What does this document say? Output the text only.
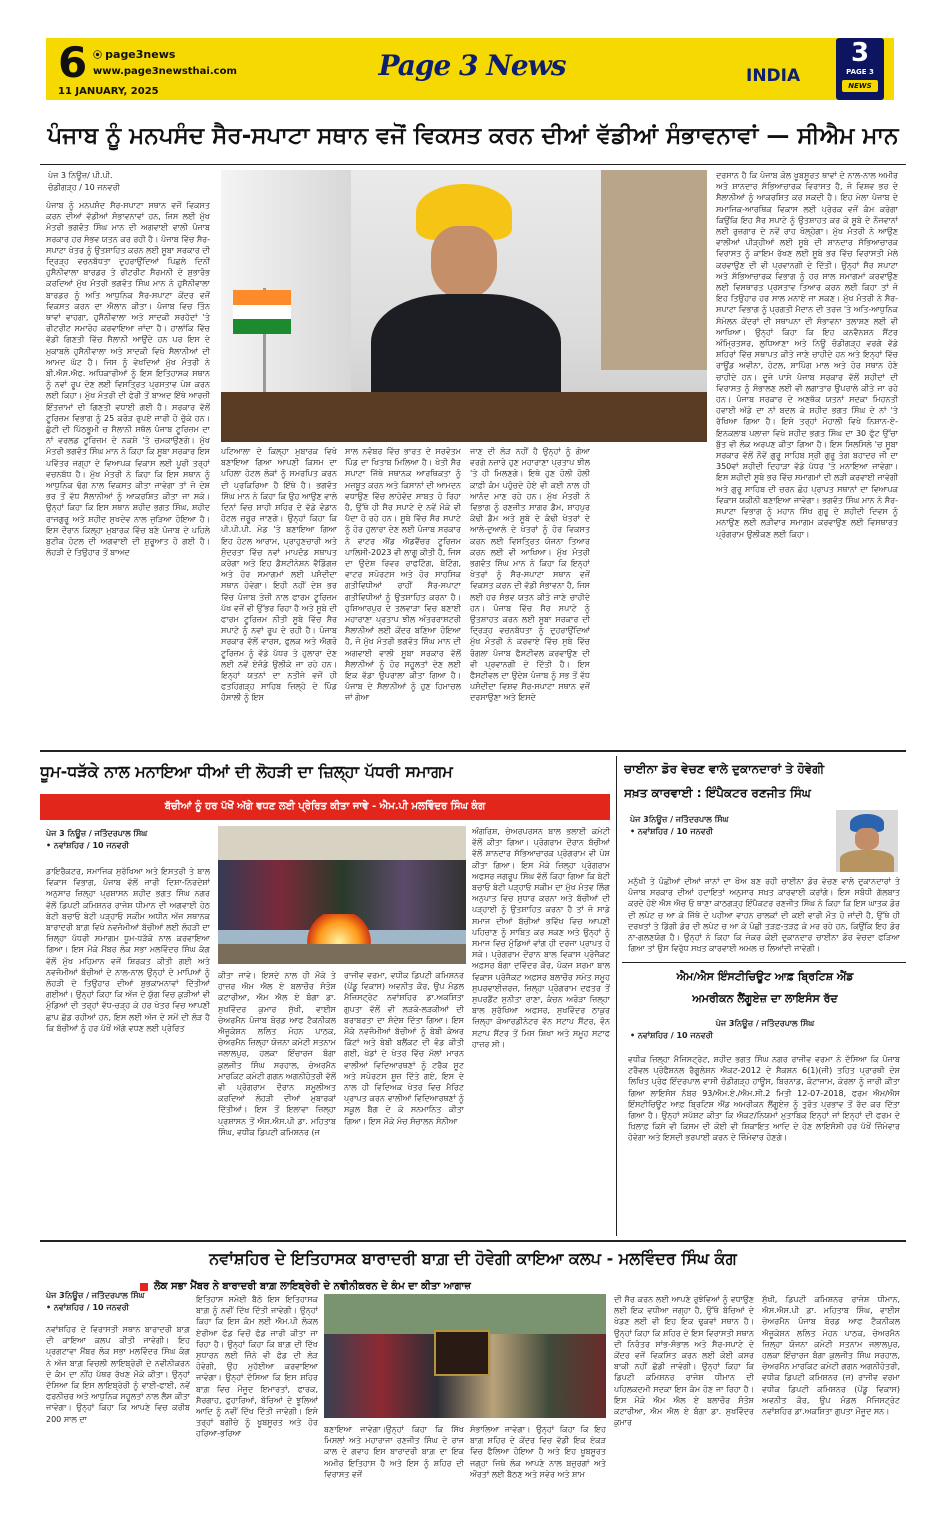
6 ⦿ page3news
www.page3newsthai.com
11 JANUARY, 2025
Page 3 News	INDIA
3
PAGE 3
NEWS
ਪੰਜਾਬ ਨੂੰ ਮਨਪਸੰਦ ਸੈਰ-ਸਪਾਟਾ ਸਥਾਨ ਵਜੋਂ ਵਿਕਸਤ ਕਰਨ ਦੀਆਂ ਵੱਡੀਆਂ ਸੰਭਾਵਨਾਵਾਂ — ਸੀਐਮ ਮਾਨ
ਪੇਜ 3 ਨਿਊਜ਼/ ਪੀ.ਪੀ.
ਚੰਡੀਗੜ੍ਹ / 10 ਜਨਵਰੀ
ਪੰਜਾਬ ਨੂੰ ਮਨਪਸੰਦ ਸੈਰ-ਸਪਾਟਾ ਸਥਾਨ ਵਜੋਂ ਵਿਕਸਤ ਕਰਨ ਦੀਆਂ ਵੱਡੀਆਂ ਸੰਭਾਵਨਾਵਾਂ ਹਨ, ਜਿਸ ਲਈ ਮੁੱਖ ਮੰਤਰੀ ਭਗਵੰਤ ਸਿੰਘ ਮਾਨ ਦੀ ਅਗਵਾਈ ਵਾਲੀ ਪੰਜਾਬ ਸਰਕਾਰ ਹਰ ਸੰਭਵ ਯਤਨ ਕਰ ਰਹੀ ਹੈ। ਪੰਜਾਬ ਵਿੱਚ ਸੈਰ-ਸਪਾਟਾ ਖੇਤਰ ਨੂੰ ਉਤਸ਼ਾਹਿਤ ਕਰਨ ਲਈ ਸੂਬਾ ਸਰਕਾਰ ਦੀ ਦ੍ਰਿੜ੍ਹ ਵਚਨਬੱਧਤਾ ਦੁਹਰਾਉਂਦਿਆਂ ਪਿਛਲੇ ਦਿਨੀਂ ਹੁਸੈਨੀਵਾਲਾ ਬਾਰਡਰ ਤੇ ਰੀਟਰੀਟ ਸੈਰਮਨੀ ਦੇ ਸ਼ੁਭਾਰੰਭ ਕਰਦਿਆਂ ਮੁੱਖ ਮੰਤਰੀ ਭਗਵੰਤ ਸਿੰਘ ਮਾਨ ਨੇ ਹੁਸੈਨੀਵਾਲਾ ਬਾਰਡਰ ਨੂੰ ਅਤਿ ਆਧੁਨਿਕ ਸੈਰ-ਸਪਾਟਾ ਕੇਂਦਰ ਵਜੋਂ ਵਿਕਸਤ ਕਰਨ ਦਾ ਐਲਾਨ ਕੀਤਾ। ਪੰਜਾਬ ਵਿਚ ਤਿੰਨ ਥਾਵਾਂ ਵਾਹਗਾ, ਹੁਸੈਨੀਵਾਲਾ ਅਤੇ ਸਾਦਕੀ ਸਰਹੱਦਾਂ 'ਤੇ ਰੀਟਰੀਟ ਸਮਾਰੋਹ ਕਰਵਾਇਆ ਜਾਂਦਾ ਹੈ। ਹਾਲਾਂਕਿ ਵਿੱਚ ਵੱਡੀ ਗਿਣਤੀ ਵਿੱਚ ਸੈਲਾਨੀ ਆਉਂਦੇ ਹਨ ਪਰ ਇਸ ਦੇ ਮੁਕਾਬਲੇ ਹੁਸੈਨੀਵਾਲਾ ਅਤੇ ਸਾਦਕੀ ਵਿਖੇ ਸੈਲਾਨੀਆਂ ਦੀ ਆਮਦ ਘੱਟ ਹੈ। ਜਿਸ ਨੂੰ ਵੇਖਦਿਆਂ ਮੁੱਖ ਮੰਤਰੀ ਨੇ ਬੀ.ਐਸ.ਐਫ. ਅਧਿਕਾਰੀਆਂ ਨੂੰ ਇਸ ਇਤਿਹਾਸਕ ਸਥਾਨ ਨੂੰ ਨਵਾਂ ਰੂਪ ਦੇਣ ਲਈ ਵਿਸਤ੍ਰਿਤ ਪ੍ਰਸਤਾਵ ਪੇਸ਼ ਕਰਨ ਲਈ ਕਿਹਾ। ਮੁੱਖ ਮੰਤਰੀ ਦੀ ਫੇਰੀ ਤੋਂ ਬਾਅਦ ਇੱਥੇ ਆਰਜ਼ੀ ਇੰਤਜ਼ਾਮਾਂ ਦੀ ਗਿਣਤੀ ਵਧਾਈ ਗਈ ਹੈ। ਸਰਕਾਰ ਵੱਲੋਂ ਟੂਰਿਜ਼ਮ ਵਿਭਾਗ ਨੂੰ 25 ਕਰੋੜ ਰੁਪਏ ਜਾਰੀ ਹੋ ਚੁੱਕੇ ਹਨ। ਛੁੱਟੀ ਦੀ ਪਿੱਠਭੂਮੀ ਚ ਸੈਲਾਨੀ ਸਥੱਲ ਪੰਜਾਬ ਟੂਰਿਜ਼ਮ ਦਾ ਨਾਂ ਵਰਲਡ ਟੂਰਿਜ਼ਮ ਦੇ ਨਕਸ਼ੇ 'ਤੇ ਚਮਕਾਉਣਗੇ। ਮੁੱਖ ਮੰਤਰੀ ਭਗਵੰਤ ਸਿੰਘ ਮਾਨ ਨੇ ਕਿਹਾ ਕਿ ਸੂਬਾ ਸਰਕਾਰ ਇਸ ਪਵਿੱਤਰ ਜਗ੍ਹਾ ਦੇ ਵਿਆਪਕ ਵਿਕਾਸ ਲਈ ਪੂਰੀ ਤਰ੍ਹਾਂ ਵਚਨਬੱਧ ਹੈ। ਮੁੱਖ ਮੰਤਰੀ ਨੇ ਕਿਹਾ ਕਿ ਇਸ ਸਥਾਨ ਨੂੰ ਆਧੁਨਿਕ ਢੰਗ ਨਾਲ ਵਿਕਸਤ ਕੀਤਾ ਜਾਵੇਗਾ ਤਾਂ ਜੋ ਦੇਸ਼ ਭਰ ਤੋਂ ਵੱਧ ਸੈਲਾਨੀਆਂ ਨੂੰ ਆਕਰਸ਼ਿਤ ਕੀਤਾ ਜਾ ਸਕੇ। ਉਨ੍ਹਾਂ ਕਿਹਾ ਕਿ ਇਸ ਸਥਾਨ ਸ਼ਹੀਦ ਭਗਤ ਸਿੰਘ, ਸ਼ਹੀਦ ਰਾਜਗੁਰੂ ਅਤੇ ਸ਼ਹੀਦ ਸੁਖਦੇਵ ਨਾਲ ਜੁੜਿਆ ਹੋਇਆ ਹੈ। ਇਸ ਦੌਰਾਨ ਕਿਲ੍ਹਾ ਮੁਬਾਰਕ ਵਿੱਚ ਬਣੇ ਪੰਜਾਬ ਦੇ ਪਹਿਲੇ ਬੁਟੀਕ ਹੋਟਲ ਦੀ ਅਗਵਾਈ ਦੀ ਸ਼ੁਰੂਆਤ ਹੋ ਗਈ ਹੈ। ਲੋਹੜੀ ਦੇ ਤਿਉਹਾਰ ਤੋਂ ਬਾਅਦ
ਪਟਿਆਲਾ ਦੇ ਕਿਲ੍ਹਾ ਮੁਬਾਰਕ ਵਿਖੇ ਬਣਾਇਆ ਗਿਆ ਆਪਣੀ ਕਿਸਮ ਦਾ ਪਹਿਲਾ ਹੋਟਲ ਲੋਕਾਂ ਨੂੰ ਸਮਰਪਿਤ ਕਰਨ ਦੀ ਪ੍ਰਕਿਰਿਆ ਹੈ ਇੱਥੇ ਹੈ। ਭਗਵੰਤ ਸਿੰਘ ਮਾਨ ਨੇ ਕਿਹਾ ਕਿ ਉਹ ਆਉਣ ਵਾਲੇ ਦਿਨਾਂ ਵਿਚ ਸ਼ਾਹੀ ਸ਼ਹਿਰ ਦੇ ਵੱਡੇ ਵੰਡਾਨ ਹੋਟਲ ਜ਼ਰੂਰ ਜਾਣਗੇ। ਉਨ੍ਹਾਂ ਕਿਹਾ ਕਿ ਪੀ.ਪੀ.ਪੀ. ਮੋਡ 'ਤੇ ਬਣਾਇਆ ਗਿਆ ਇਹ ਹੋਟਲ ਆਰਾਮ, ਪ੍ਰਾਹੁਣਚਾਰੀ ਅਤੇ ਸੁੰਦਰਤਾ ਵਿੱਚ ਨਵਾਂ ਮਾਪਦੰਡ ਸਥਾਪਤ ਕਰੇਗਾ ਅਤੇ ਇਹ ਡੈਸਟੀਨੇਸ਼ਨ ਵੈਡਿੰਗਜ਼ ਅਤੇ ਹੋਰ ਸਮਾਗਮਾਂ ਲਈ ਪਸੰਦੀਦਾ ਸਥਾਨ ਹੋਵੇਗਾ। ਇਹੀ ਨਹੀਂ ਦੇਸ਼ ਭਰ ਵਿੱਚ ਪੰਜਾਬ ਤੇਜ਼ੀ ਨਾਲ ਫਾਰਮ ਟੂਰਿਜ਼ਮ ਪੱਖ ਵਜੋਂ ਵੀ ਉੱਭਰ ਰਿਹਾ ਹੈ ਅਤੇ ਸੂਬੇ ਦੀ ਫਾਰਮ ਟੂਰਿਜ਼ਮ ਨੀਤੀ ਸੂਬੇ ਵਿੱਚ ਸੈਰ ਸਪਾਟੇ ਨੂੰ ਨਵਾਂ ਰੂਪ ਦੇ ਰਹੀ ਹੈ। ਪੰਜਾਬ ਸਰਕਾਰ ਵੱਲੋਂ ਵਾਰਸ, ਫੁਲਕ ਅਤੇ ਐਗਰੋ ਟੂਰਿਜ਼ਮ ਨੂੰ ਵੱਡੇ ਪੱਧਰ ਤੇ ਹੁਲਾਰਾ ਦੇਣ ਲਈ ਨਵੇਂ ਏਜੰਡੇ ਉਲੀਕੇ ਜਾ ਰਹੇ ਹਨ। ਇਨ੍ਹਾਂ ਯਤਨਾਂ ਦਾ ਨਤੀਜੇ ਵਜੋਂ ਹੀ ਫਤਹਿਗੜ੍ਹ ਸਾਹਿਬ ਜ਼ਿਲ੍ਹੇ ਦੇ ਪਿੰਡ ਹੰਸਾਲੀ ਨੂੰ ਇਸ
ਸਾਲ ਨਵੰਬਰ ਵਿੱਚ ਭਾਰਤ ਦੇ ਸਰਵੋਤਮ ਪਿੰਡ ਦਾ ਖਿਤਾਬ ਮਿਲਿਆ ਹੈ। ਖੇਤੀ ਸੈਰ ਸਪਾਟਾ ਜਿੱਥੇ ਸਥਾਨਕ ਆਰਥਿਕਤਾ ਨੂੰ ਮਜ਼ਬੂਤ ਕਰਨ ਅਤੇ ਕਿਸਾਨਾਂ ਦੀ ਆਮਦਨ ਵਧਾਉਣ ਵਿੱਚ ਲਾਹੇਵੰਦ ਸਾਬਤ ਹੋ ਰਿਹਾ ਹੈ, ਉੱਥੇ ਹੀ ਸੈਰ ਸਪਾਟੇ ਦੇ ਨਵੇਂ ਮੌਕੇ ਵੀ ਪੈਦਾ ਹੋ ਰਹੇ ਹਨ। ਸੂਬੇ ਵਿੱਚ ਸੈਰ ਸਪਾਟੇ ਨੂੰ ਹੋਰ ਹੁਲਾਰਾ ਦੇਣ ਲਈ ਪੰਜਾਬ ਸਰਕਾਰ ਨੇ ਵਾਟਰ ਐਂਡ ਐਡਵੈਂਚਰ ਟੂਰਿਜ਼ਮ ਪਾਲਿਸੀ-2023 ਵੀ ਲਾਗੂ ਕੀਤੀ ਹੈ, ਜਿਸ ਦਾ ਉਦੇਸ਼ ਰਿਵਰ ਰਾਫਟਿੰਗ, ਬੋਟਿੰਗ, ਵਾਟਰ ਸਪੋਰਟਸ ਅਤੇ ਹੋਰ ਸਾਹਸਿਕ ਗਤੀਵਿਧੀਆਂ ਰਾਹੀਂ ਸੈਰ-ਸਪਾਟਾ ਗਤੀਵਿਧੀਆਂ ਨੂੰ ਉਤਸ਼ਾਹਿਤ ਕਰਨਾ ਹੈ। ਹੁਸ਼ਿਆਰਪੁਰ ਦੇ ਤਲਵਾੜਾ ਵਿਚ ਬਣਾਈ ਮਹਾਰਾਣਾ ਪ੍ਰਤਾਪ ਝੀਲ ਅੰਤਰਰਾਸ਼ਟਰੀ ਸੈਲਾਨੀਆਂ ਲਈ ਕੇਂਦਰ ਬਣਿਆ ਹੋਇਆ ਹੈ, ਜੋ ਮੁੱਖ ਮੰਤਰੀ ਭਗਵੰਤ ਸਿੰਘ ਮਾਨ ਦੀ ਅਗਵਾਈ ਵਾਲੀ ਸੂਬਾ ਸਰਕਾਰ ਵੱਲੋਂ ਸੈਲਾਨੀਆਂ ਨੂੰ ਹੋਰ ਸਹੂਲਤਾਂ ਦੇਣ ਲਈ ਇਕ ਵੱਡਾ ਉਪਰਾਲਾ ਕੀਤਾ ਗਿਆ ਹੈ। ਪੰਜਾਬ ਦੇ ਸੈਲਾਨੀਆਂ ਨੂੰ ਹੁਣ ਹਿਮਾਚਲ ਜਾਂ ਗੋਆ
ਜਾਣ ਦੀ ਲੋੜ ਨਹੀਂ ਹੈ ਉਨ੍ਹਾਂ ਨੂੰ ਗੋਆ ਵਰਗੇ ਨਜ਼ਾਰੇ ਹੁਣ ਮਹਾਰਾਣਾ ਪ੍ਰਤਾਪ ਝੀਲ 'ਤੇ ਹੀ ਮਿਲਣਗੇ। ਇਥੇ ਹੁਣ ਹੋਲੀ ਹੋਲੀ ਕਾਫ਼ੀ ਕੰਮ ਪਹੁੰਚਦੇ ਹੋਏ ਵੀ ਕਈ ਨਾਲ ਹੀ ਆਨੰਦ ਮਾਣ ਰਹੇ ਹਨ। ਮੁੱਖ ਮੰਤਰੀ ਨੇ ਵਿਭਾਗ ਨੂੰ ਰਣਜੀਤ ਸਾਗਰ ਡੈਮ, ਸ਼ਾਹਪੁਰ ਕੰਢੀ ਡੈਮ ਅਤੇ ਸੂਬੇ ਦੇ ਕੰਢੀ ਖੇਤਰਾਂ ਦੇ ਆਲੇ-ਦੁਆਲੇ ਦੇ ਖੇਤਰਾਂ ਨੂੰ ਹੋਰ ਵਿਕਸਤ ਕਰਨ ਲਈ ਵਿਸਤ੍ਰਿਤ ਯੋਜਨਾ ਤਿਆਰ ਕਰਨ ਲਈ ਵੀ ਆਖਿਆ। ਮੁੱਖ ਮੰਤਰੀ ਭਗਵੰਤ ਸਿੰਘ ਮਾਨ ਨੇ ਕਿਹਾ ਕਿ ਇਨ੍ਹਾਂ ਖੇਤਰਾਂ ਨੂੰ ਸੈਰ-ਸਪਾਟਾ ਸਥਾਨ ਵਜੋਂ ਵਿਕਸਤ ਕਰਨ ਦੀ ਵੱਡੀ ਸੰਭਾਵਨਾ ਹੈ, ਜਿਸ ਲਈ ਹਰ ਸੰਭਵ ਯਤਨ ਕੀਤੇ ਜਾਣੇ ਚਾਹੀਦੇ ਹਨ। ਪੰਜਾਬ ਵਿੱਚ ਸੈਰ ਸਪਾਟੇ ਨੂੰ ਉਤਸ਼ਾਹਤ ਕਰਨ ਲਈ ਸੂਬਾ ਸਰਕਾਰ ਦੀ ਦ੍ਰਿੜ੍ਹ ਵਚਨਬੱਧਤਾ ਨੂੰ ਦੁਹਰਾਉਂਦਿਆਂ ਮੁੱਖ ਮੰਤਰੀ ਨੇ ਕਰਵਾਏ ਵਿੱਚ ਸੁਬੇ ਵਿੱਚ ਰੰਗਲਾ ਪੰਜਾਬ ਫੈਸਟੀਵਲ ਕਰਵਾਉਣ ਦੀ ਵੀ ਪ੍ਰਵਾਨਗੀ ਦੇ ਦਿੱਤੀ ਹੈ। ਇਸ ਫੈਸਟੀਵਲ ਦਾ ਉਦੇਸ਼ ਪੰਜਾਬ ਨੂੰ ਸਭ ਤੋਂ ਵੱਧ ਪਸੰਦੀਦਾ ਵਿਸ਼ਵ ਸੈਰ-ਸਪਾਟਾ ਸਥਾਨ ਵਜੋਂ ਦਰਸਾਉਣਾ ਅਤੇ ਇਸਦੇ
ਦਰਸਾਨ ਹੈ ਕਿ ਪੰਜਾਬ ਕੋਲ ਖੂਬਸੂਰਤ ਥਾਵਾਂ ਦੇ ਨਾਲ-ਨਾਲ ਅਮੀਰ ਅਤੇ ਸ਼ਾਨਦਾਰ ਸੱਭਿਆਚਾਰਕ ਵਿਰਾਸਤ ਹੈ, ਜੋ ਵਿਸ਼ਵ ਭਰ ਦੇ ਸੈਲਾਨੀਆਂ ਨੂੰ ਆਕਰਸ਼ਿਤ ਕਰ ਸਕਦੀ ਹੈ। ਇਹ ਮੇਲਾ ਪੰਜਾਬ ਦੇ ਸਮਾਜਿਕ-ਆਰਥਿਕ ਵਿਕਾਸ ਲਈ ਪ੍ਰੇਰਕ ਵਜੋਂ ਕੰਮ ਕਰੇਗਾ ਕਿਉਂਕਿ ਇਹ ਸੈਰ ਸਪਾਟੇ ਨੂੰ ਉਤਸ਼ਾਹਤ ਕਰ ਕੇ ਸੂਬੇ ਦੇ ਨੌਜਵਾਨਾਂ ਲਈ ਰੁਜ਼ਗਾਰ ਦੇ ਨਵੇਂ ਰਾਹ ਖੋਲ੍ਹੇਗਾ। ਮੁੱਖ ਮੰਤਰੀ ਨੇ ਆਉਣ ਵਾਲੀਆਂ ਪੀੜ੍ਹੀਆਂ ਲਈ ਸੂਬੇ ਦੀ ਸ਼ਾਨਦਾਰ ਸੱਭਿਆਚਾਰਕ ਵਿਰਾਸਤ ਨੂੰ ਕਾਇਮ ਰੱਖਣ ਲਈ ਸੂਬੇ ਭਰ ਵਿੱਚ ਵਿਰਾਸਤੀ ਮੇਲੇ ਕਰਵਾਉਣ ਦੀ ਵੀ ਪ੍ਰਵਾਨਗੀ ਦੇ ਦਿੱਤੀ। ਉਨ੍ਹਾਂ ਸੈਰ ਸਪਾਟਾ ਅਤੇ ਸੱਭਿਆਚਾਰਕ ਵਿਭਾਗ ਨੂੰ ਹਰ ਸਾਲ ਸਮਾਗਮਾਂ ਕਰਵਾਉਣ ਲਈ ਵਿਸਥਾਰਤ ਪ੍ਰਸਤਾਵ ਤਿਆਰ ਕਰਨ ਲਈ ਕਿਹਾ ਤਾਂ ਜੋ ਇਹ ਤਿਉਹਾਰ ਹਰ ਸਾਲ ਮਨਾਏ ਜਾ ਸਕਣ। ਮੁੱਖ ਮੰਤਰੀ ਨੇ ਸੈਰ-ਸਪਾਟਾ ਵਿਭਾਗ ਨੂੰ ਪ੍ਰਗਤੀ ਮੈਦਾਨ ਦੀ ਤਰਜ਼ 'ਤੇ ਅਤਿ-ਆਧੁਨਿਕ ਸੰਮੇਲਨ ਕੇਂਦਰਾਂ ਦੀ ਸਥਾਪਨਾ ਦੀ ਸੰਭਾਵਨਾ ਤਲਾਸ਼ਣ ਲਈ ਵੀ ਆਖਿਆ। ਉਨ੍ਹਾਂ ਕਿਹਾ ਕਿ ਇਹ ਕਨਵੈਨਸ਼ਨ ਸੈਂਟਰ ਅੰਮ੍ਰਿਤਸਰ, ਲੁਧਿਆਣਾ ਅਤੇ ਨਿਊ ਚੰਡੀਗੜ੍ਹ ਵਰਗੇ ਵੱਡੇ ਸ਼ਹਿਰਾਂ ਵਿੱਚ ਸਥਾਪਤ ਕੀਤੇ ਜਾਣੇ ਚਾਹੀਦੇ ਹਨ ਅਤੇ ਇਨ੍ਹਾਂ ਵਿੱਚ ਰਾਊਂਡ ਅਵੀਨਾ, ਹੋਟਲ, ਸ਼ਾਪਿੰਗ ਮਾਲ ਅਤੇ ਹੋਰ ਸਥਾਨ ਹੋਣੇ ਚਾਹੀਦੇ ਹਨ। ਦੂਜੇ ਪਾਸੇ ਪੰਜਾਬ ਸਰਕਾਰ ਵੱਲੋਂ ਸ਼ਹੀਦਾਂ ਦੀ ਵਿਰਾਸਤ ਨੂੰ ਸੰਭਾਲਣ ਲਈ ਵੀ ਲਗਾਤਾਰ ਉਪਰਾਲੇ ਕੀਤੇ ਜਾ ਰਹੇ ਹਨ। ਪੰਜਾਬ ਸਰਕਾਰ ਦੇ ਅਣਥੱਕ ਯਤਨਾਂ ਸਦਕਾ ਮਿਹਨਤੀ ਹਵਾਈ ਅੱਡੇ ਦਾ ਨਾਂ ਬਦਲ ਕੇ ਸ਼ਹੀਦ ਭਗਤ ਸਿੰਘ ਦੇ ਨਾਂ 'ਤੇ ਰੱਖਿਆ ਗਿਆ ਹੈ। ਇਸੇ ਤਰ੍ਹਾਂ ਮੋਹਾਲੀ ਵਿਖੇ ਨਿਸ਼ਾਨ-ਏ-ਇਨਕਲਾਬ ਪਲਾਜ਼ਾ ਵਿਖੇ ਸ਼ਹੀਦ ਭਗਤ ਸਿੰਘ ਦਾ 30 ਫੁੱਟ ਉੱਚਾ ਬੁੱਤ ਵੀ ਲੋਕ ਅਰਪਣ ਕੀਤਾ ਗਿਆ ਹੈ। ਇਸ ਸਿਲਸਿਲੇ 'ਚ ਸੂਬਾ ਸਰਕਾਰ ਵੱਲੋਂ ਨੌਵੇਂ ਗੁਰੂ ਸਾਹਿਬ ਸ੍ਰੀ ਗੁਰੂ ਤੇਗ ਬਹਾਦਰ ਜੀ ਦਾ 350ਵਾਂ ਸ਼ਹੀਦੀ ਦਿਹਾੜਾ ਵੱਡੇ ਪੱਧਰ 'ਤੇ ਮਨਾਇਆ ਜਾਵੇਗਾ। ਇਸ ਸ਼ਹੀਦੀ ਸੂਬੇ ਭਰ ਵਿੱਚ ਸਮਾਗਮਾਂ ਦੀ ਲੜੀ ਕਰਵਾਈ ਜਾਵੇਗੀ ਅਤੇ ਗੁਰੂ ਸਾਹਿਬ ਦੀ ਚਰਨ ਛੋਹ ਪ੍ਰਾਪਤ ਸਥਾਨਾਂ ਦਾ ਵਿਆਪਕ ਵਿਕਾਸ ਯਕੀਨੀ ਬਣਾਇਆ ਜਾਵੇਗਾ। ਭਗਵੰਤ ਸਿੰਘ ਮਾਨ ਨੇ ਸੈਰ-ਸਪਾਟਾ ਵਿਭਾਗ ਨੂੰ ਮਹਾਨ ਸਿੱਖ ਗੁਰੂ ਦੇ ਸ਼ਹੀਦੀ ਦਿਵਸ ਨੂੰ ਮਨਾਉਣ ਲਈ ਲੜੀਵਾਰ ਸਮਾਗਮ ਕਰਵਾਉਣ ਲਈ ਵਿਸਥਾਰਤ ਪ੍ਰੋਗਰਾਮ ਉਲੀਕਣ ਲਈ ਕਿਹਾ।
ਧੂਮ-ਧੜੱਕੇ ਨਾਲ ਮਨਾਇਆ ਧੀਆਂ ਦੀ ਲੋਹੜੀ ਦਾ ਜ਼ਿਲ੍ਹਾ ਪੱਧਰੀ ਸਮਾਗਮ
ਬੱਚੀਆਂ ਨੂੰ ਹਰ ਪੱਖੋਂ ਅੱਗੇ ਵਧਣ ਲਈ ਪ੍ਰੇਰਿਤ ਕੀਤਾ ਜਾਵੇ - ਐਮ.ਪੀ ਮਲਵਿੰਦਰ ਸਿੰਘ ਕੰਗ
ਪੇਜ 3 ਨਿਊਜ਼ / ਜਤਿੰਦਰਪਾਲ ਸਿੰਘ
• ਨਵਾਂਸ਼ਹਿਰ / 10 ਜਨਵਰੀ
ਡਾਇਰੈਕਟਰ, ਸਮਾਜਿਕ ਸੁਰੱਖਿਆ ਅਤੇ ਇਸਤਰੀ ਤੇ ਬਾਲ ਵਿਕਾਸ ਵਿਭਾਗ, ਪੰਜਾਬ ਵੱਲੋਂ ਜਾਰੀ ਦਿਸ਼ਾ-ਨਿਰਦੇਸ਼ਾਂ ਅਨੁਸਾਰ ਜ਼ਿਲ੍ਹਾ ਪ੍ਰਸ਼ਾਸਨ ਸ਼ਹੀਦ ਭਗਤ ਸਿੰਘ ਨਗਰ ਵੱਲੋਂ ਡਿਪਟੀ ਕਮਿਸ਼ਨਰ ਰਾਜੇਸ਼ ਧੀਮਾਨ ਦੀ ਅਗਵਾਈ ਹੇਠ ਬੇਟੀ ਬਚਾਓ ਬੇਟੀ ਪੜ੍ਹਾਓ ਸਕੀਮ ਅਧੀਨ ਅੱਜ ਸਥਾਨਕ ਬਾਰਾਦਰੀ ਬਾਗ਼ ਵਿਖੇ ਨਵਜੰਮੀਆਂ ਬੱਚੀਆਂ ਲਈ ਲੋਹੜੀ ਦਾ ਜ਼ਿਲ੍ਹਾ ਪੱਧਰੀ ਸਮਾਗਮ ਧੂਮ-ਧੜੱਕੇ ਨਾਲ ਕਰਵਾਇਆ ਗਿਆ। ਇਸ ਮੌਕੇ ਮੈਂਬਰ ਲੋਕ ਸਭਾ ਮਲਵਿੰਦਰ ਸਿੰਘ ਕੰਗ ਵੱਲੋਂ ਮੁੱਖ ਮਹਿਮਾਨ ਵਜੋਂ ਸ਼ਿਰਕਤ ਕੀਤੀ ਗਈ ਅਤੇ ਨਵਜੰਮੀਆਂ ਬੱਚੀਆਂ ਦੇ ਨਾਲ-ਨਾਲ ਉਨ੍ਹਾਂ ਦੇ ਮਾਪਿਆਂ ਨੂੰ ਲੋਹੜੀ ਦੇ ਤਿਉਹਾਰ ਦੀਆਂ ਸ਼ੁਭਕਾਮਨਾਵਾਂ ਦਿੱਤੀਆਂ ਗਈਆਂ। ਉਨ੍ਹਾਂ ਕਿਹਾ ਕਿ ਅੱਜ ਦੇ ਯੁੱਗ ਵਿਚ ਕੁੜੀਆਂ ਵੀ ਮੁੰਡਿਆਂ ਦੀ ਤਰ੍ਹਾਂ ਵੱਧ-ਚੜ੍ਹ ਕੇ ਹਰ ਖੇਤਰ ਵਿਚ ਆਪਣੀ ਛਾਪ ਛੱਡ ਰਹੀਆਂ ਹਨ, ਇਸ ਲਈ ਅੱਜ ਦੇ ਸਮੇਂ ਦੀ ਲੋੜ ਹੈ ਕਿ ਬੱਚੀਆਂ ਨੂੰ ਹਰ ਪੱਖੋਂ ਅੱਗੇ ਵਧਣ ਲਈ ਪ੍ਰੇਰਿਤ
ਕੀਤਾ ਜਾਵੇ। ਇਸਦੇ ਨਾਲ ਹੀ ਮੌਕੇ ਤੇ ਹਾਜ਼ਰ ਐਮ ਐਲ ਏ ਬਲਾਚੌਰ ਸੰਤੋਸ਼ ਕਟਾਰੀਆ, ਐਮ ਐਲ ਏ ਬੰਗਾ ਡਾ. ਸੁਖਵਿੰਦਰ ਕੁਮਾਰ ਸੁੱਖੀ, ਵਾਈਸ ਚੇਅਰਮੈਨ ਪੰਜਾਬ ਬੋਰਡ ਆਫ ਟੈਕਨੀਕਲ ਐਜੂਕੇਸ਼ਨ ਲਲਿਤ ਮੋਹਨ ਪਾਠਕ, ਚੇਅਰਮੈਨ ਜ਼ਿਲ੍ਹਾ ਯੋਜਨਾ ਕਮੇਟੀ ਸਤਨਾਮ ਜਲਾਲਪੁਰ, ਹਲਕਾ ਇੰਚਾਰਜ ਬੰਗਾ ਕੁਲਜੀਤ ਸਿੰਘ ਸਰਹਾਲ, ਚੇਅਰਮੈਨ ਮਾਰਕਿਟ ਕਮੇਟੀ ਗਗਨ ਅਗਨੀਹੋਤਰੀ ਵੱਲੋਂ ਵੀ ਪ੍ਰੋਗਰਾਮ ਦੌਰਾਨ ਸ਼ਮੂਲੀਅਤ ਕਰਦਿਆਂ ਲੋਹੜੀ ਦੀਆਂ ਮੁਬਾਰਕਾਂ ਦਿੱਤੀਆਂ। ਇਸ ਤੋਂ ਇਲਾਵਾ ਜ਼ਿਲ੍ਹਾ ਪ੍ਰਸ਼ਾਸਨ ਤੋਂ ਐਸ.ਐਸ.ਪੀ ਡਾ. ਮਹਿਤਾਬ ਸਿੰਘ, ਵਧੀਕ ਡਿਪਟੀ ਕਮਿਸ਼ਨਰ (ਜ
ਰਾਜੀਵ ਵਰਮਾ, ਵਧੀਕ ਡਿਪਟੀ ਕਮਿਸ਼ਨਰ (ਪੇਂਡੂ ਵਿਕਾਸ) ਅਵਨੀਤ ਕੌਰ, ਉਪ ਮੰਡਲ ਮੈਜਿਸਟ੍ਰੇਟ ਨਵਾਂਸ਼ਹਿਰ ਡਾ.ਅਕਸ਼ਿਤਾ ਗੁਪਤਾ ਵੱਲੋਂ ਵੀ ਲੜਕੇ-ਲੜਕੀਆਂ ਦੀ ਬਰਾਬਰਤਾ ਦਾ ਸੰਦੇਸ਼ ਦਿੱਤਾ ਗਿਆ। ਇਸ ਮੌਕੇ ਨਵਜੰਮੀਆਂ ਬੱਚੀਆਂ ਨੂੰ ਬੇਬੀ ਕੇਅਰ ਕਿੱਟਾਂ ਅਤੇ ਬੇਬੀ ਬਲੈਂਕਟ ਦੀ ਵੰਡ ਕੀਤੀ ਗਈ, ਖੇਡਾਂ ਦੇ ਖੇਤਰ ਵਿੱਚ ਮੱਲਾਂ ਮਾਰਨ ਵਾਲੀਆਂ ਵਿਦਿਆਰਥਣਾਂ ਨੂੰ ਟਰੈਕ ਸੂਟ ਅਤੇ ਸਪੋਰਟਸ ਸ਼ੂਜ਼ ਦਿੱਤੇ ਗਏ, ਇਸ ਦੇ ਨਾਲ ਹੀ ਵਿਦਿਅਕ ਖੇਤਰ ਵਿਚ ਮੈਰਿਟ ਪ੍ਰਾਪਤ ਕਰਨ ਵਾਲੀਆਂ ਵਿਦਿਆਰਥਣਾਂ ਨੂੰ ਸਕੂਲ ਬੈਗ ਦੇ ਕੇ ਸਨਮਾਨਿਤ ਕੀਤਾ ਗਿਆ। ਇਸ ਮੌਕੇ ਮੰਚ ਸੰਚਾਲਨ ਸੋਨੀਆ
ਅੰਗਰਿਸ਼, ਚੇਅਰਪਰਸਨ ਬਾਲ ਭਲਾਈ ਕਮੇਟੀ ਵੱਲੋਂ ਕੀਤਾ ਗਿਆ। ਪ੍ਰੋਗਰਾਮ ਦੌਰਾਨ ਬੱਚੀਆਂ ਵੱਲੋਂ ਸ਼ਾਨਦਾਰ ਸੱਭਿਆਚਾਰਕ ਪ੍ਰੋਗਰਾਮ ਵੀ ਪੇਸ਼ ਕੀਤਾ ਗਿਆ। ਇਸ ਮੌਕੇ ਜ਼ਿਲ੍ਹਾ ਪ੍ਰੋਗਰਾਮ ਅਫਸਰ ਜਗਰੂਪ ਸਿੰਘ ਵੱਲੋਂ ਕਿਹਾ ਗਿਆ ਕਿ ਬੇਟੀ ਬਚਾਓ ਬੇਟੀ ਪੜ੍ਹਾਓ ਸਕੀਮ ਦਾ ਮੁੱਖ ਮੰਤਵ ਲਿੰਗ ਅਨੁਪਾਤ ਵਿਚ ਸੁਧਾਰ ਕਰਨਾ ਅਤੇ ਬੱਚੀਆਂ ਦੀ ਪੜ੍ਹਾਈ ਨੂੰ ਉਤਸ਼ਾਹਿਤ ਕਰਨਾ ਹੈ ਤਾਂ ਜੋ ਸਾਡੇ ਸਮਾਜ ਦੀਆਂ ਬੱਚੀਆਂ ਭਵਿੱਖ ਵਿਚ ਆਪਣੀ ਪਹਿਚਾਣ ਨੂੰ ਸਾਬਿਤ ਕਰ ਸਕਣ ਅਤੇ ਉਨ੍ਹਾਂ ਨੂੰ ਸਮਾਜ ਵਿਚ ਮੁੰਡਿਆਂ ਵਾਂਗ ਹੀ ਦਰਜਾ ਪ੍ਰਾਪਤ ਹੋ ਸਕੇ। ਪ੍ਰੋਗਰਾਮ ਦੌਰਾਨ ਬਾਲ ਵਿਕਾਸ ਪ੍ਰੋਜੈਕਟ ਅਫ਼ਸਰ ਬੰਗਾ ਦਵਿੰਦਰ ਕੌਰ, ਪੰਕਜ ਸ਼ਰਮਾ ਬਾਲ ਵਿਕਾਸ ਪ੍ਰੋਜੈਕਟ ਅਫ਼ਸਰ ਬਲਾਚੌਰ ਸਮੇਤ ਸਮੂਹ ਸੁਪਰਵਾਈਜ਼ਰਜ਼, ਜ਼ਿਲ੍ਹਾ ਪ੍ਰੋਗਰਾਮ ਦਫਤਰ ਤੋਂ ਸੁਪਰਡੈਂਟ ਸੁਨੀਤਾ ਰਾਣਾ, ਕੰਚਨ ਅਰੋੜਾ ਜ਼ਿਲ੍ਹਾ ਬਾਲ ਸੁਰੱਖਿਆ ਅਫਸਰ, ਸੁਖਵਿੰਦਰ ਠਾਕੁਰ ਜ਼ਿਲ੍ਹਾ ਕੋਆਰਡੀਨੇਟਰ ਵੱਨ ਸਟਾਪ ਸੈਂਟਰ, ਵੰਨ ਸਟਾਪ ਸੈਂਟਰ ਤੋਂ ਮਿਸ ਸ਼ਿਖਾ ਅਤੇ ਸਮੂਹ ਸਟਾਫ ਹਾਜ਼ਰ ਸੀ।
ਚਾਈਨਾ ਡੋਰ ਵੇਚਣ ਵਾਲੇ ਦੁਕਾਨਦਾਰਾਂ ਤੇ ਹੋਵੇਗੀ
ਸਖ਼ਤ ਕਾਰਵਾਈ : ਇੰਪੈਕਟਰ ਰਣਜੀਤ ਸਿੰਘ
ਪੇਜ 3ਨਿਊਜ਼ / ਜਤਿੰਦਰਪਾਲ ਸਿੰਘ
• ਨਵਾਂਸ਼ਹਿਰ / 10 ਜਨਵਰੀ
ਮਨੁੱਖੀ ਤੇ ਪੰਛੀਆਂ ਦੀਆਂ ਜਾਨਾਂ ਦਾ ਖੌਅ ਬਣ ਰਹੀ ਚਾਈਨਾ ਡੋਰ ਵੇਚਣ ਵਾਲੇ ਦੁਕਾਨਦਾਰਾਂ ਤੇ ਪੰਜਾਬ ਸਰਕਾਰ ਦੀਆਂ ਹਦਾਇਤਾਂ ਅਨੁਸਾਰ ਸਖ਼ਤ ਕਾਰਵਾਈ ਕਰਾਂਗੇ। ਇਸ ਸਬੰਧੀ ਗੱਲਬਾਤ ਕਰਦੇ ਹੋਏ ਐਸ ਐਚ ਓ ਥਾਣਾ ਕਾਠਗੜ੍ਹ ਇੰਪੈਕਟਰ ਰਣਜੀਤ ਸਿੰਘ ਨੇ ਕਿਹਾ ਕਿ ਇਸ ਘਾਤਕ ਡੋਰ ਦੀ ਲਪੇਟ ਚ ਆ ਕੇ ਜਿੱਥੇ ਦੋ ਪਹੀਆ ਵਾਹਨ ਚਾਲਕਾਂ ਦੀ ਕਈ ਵਾਰੀ ਮੌਤ ਹੋ ਜਾਂਦੀ ਹੈ, ਉੱਥੇ ਹੀ ਦਰਖਤਾਂ ਤੇ ਡਿੱਗੀ ਡੋਰ ਦੀ ਲਪੇਟ ਚ ਆ ਕੇ ਪੰਛੀ ਤੜਫ਼-ਤੜਫ਼ ਕੇ ਮਰ ਰਹੇ ਹਨ, ਕਿਉਂਕਿ ਇਹ ਡੋਰ ਨਾ-ਗਲਣਯੋਗ ਹੈ। ਉਨ੍ਹਾਂ ਨੇ ਕਿਹਾ ਕਿ ਜੇਕਰ ਕੋਈ ਦੁਕਾਨਦਾਰ ਚਾਈਨਾ ਡੋਰ ਵੇਚਦਾ ਫੜਿਆ ਗਿਆ ਤਾਂ ਉਸ ਵਿਰੁੱਧ ਸਖ਼ਤ ਕਾਰਵਾਈ ਅਮਲ ਚ ਲਿਆਂਦੀ ਜਾਵੇਗੀ।
ਐਮ/ਐਸ ਇੰਸਟੀਚਿਊਟ ਆਫ਼ ਬ੍ਰਿਟਿਸ਼ ਐਂਡ
ਅਮਰੀਕਨ ਲੈਂਗੂਏਜ਼ ਦਾ ਲਾਇਸੰਸ ਰੱਦ
ਪੇਜ 3ਨਿਊਜ਼ / ਜਤਿੰਦਰਪਾਲ ਸਿੰਘ
• ਨਵਾਂਸ਼ਹਿਰ / 10 ਜਨਵਰੀ
ਵਧੀਕ ਜ਼ਿਲ੍ਹਾ ਮੈਜਿਸਟ੍ਰੇਟ, ਸ਼ਹੀਦ ਭਗਤ ਸਿੰਘ ਨਗਰ ਰਾਜੀਵ ਵਰਮਾ ਨੇ ਦੱਸਿਆ ਕਿ ਪੰਜਾਬ ਟਰੈਵਲ ਪ੍ਰੋਫੈਸ਼ਨਲ ਰੈਗੂਲੇਸ਼ਨ ਐਕਟ-2012 ਦੇ ਸੈਕਸ਼ਨ 6(1)(ਜੀ) ਤਹਿਤ ਪ੍ਰਾਰਥੀ ਦੋਸ਼ ਲਿਖਿਤ ਪ੍ਰੋਫ ਇੰਦਰਪਾਲ ਵਾਸੀ ਚੰਡੀਗੜ੍ਹ ਹਾਊਸ, ਬਿਰਨਾਡ, ਕੋਟਾਜਾਮ, ਕੇਰਲਾ ਨੂੰ ਜਾਰੀ ਕੀਤਾ ਗਿਆ ਲਾਇਸੰਸ ਨੰਬਰ 93/ਐਮ.ਏ./ਐਮ.ਸੀ.2 ਮਿਤੀ 12-07-2018, ਫਰਮ ਐਮ/ਐਸ ਇੰਸਟੀਚਿਊਟ ਆਫ਼ ਬ੍ਰਿਟਿਸ਼ ਐਂਡ ਅਮਰੀਕਨ ਲੈਂਗੂਏਜ਼ ਨੂੰ ਤੁਰੰਤ ਪ੍ਰਭਾਵ ਤੋਂ ਰੱਦ ਕਰ ਦਿੱਤਾ ਗਿਆ ਹੈ। ਉਨ੍ਹਾਂ ਸਪੱਸ਼ਟ ਕੀਤਾ ਕਿ ਐਕਟ/ਨਿਯਮਾਂ ਮੁਤਾਬਿਕ ਇਨ੍ਹਾਂ ਜਾਂ ਇਨ੍ਹਾਂ ਦੀ ਫਰਮ ਦੇ ਖ਼ਿਲਾਫ਼ ਕਿਸੇ ਵੀ ਕਿਸਮ ਦੀ ਕੋਈ ਵੀ ਸ਼ਿਕਾਇਤ ਆਦਿ ਦੇ ਹੋਣ ਲਾਇਸੰਸੀ ਹਰ ਪੱਖੋਂ ਜ਼ਿੰਮੇਵਾਰ ਹੋਵੇਗਾ ਅਤੇ ਇਸਦੀ ਭਰਪਾਈ ਕਰਨ ਦੇ ਜ਼ਿੰਮੇਵਾਰ ਹੋਣਗੇ।
ਨਵਾਂਸ਼ਹਿਰ ਦੇ ਇਤਿਹਾਸਕ ਬਾਰਾਦਰੀ ਬਾਗ਼ ਦੀ ਹੋਵੇਗੀ ਕਾਇਆ ਕਲਪ - ਮਲਵਿੰਦਰ ਸਿੰਘ ਕੰਗ
ਲੋਕ ਸਭਾ ਮੈਂਬਰ ਨੇ ਬਾਰਾਦਰੀ ਬਾਗ਼ ਲਾਇਬ੍ਰੇਰੀ ਦੇ ਨਵੀਨੀਕਰਨ ਦੇ ਕੰਮ ਦਾ ਕੀਤਾ ਆਗਾਜ਼
ਪੇਜ 3ਨਿਊਜ਼ / ਜਤਿੰਦਰਪਾਲ ਸਿੰਘ
• ਨਵਾਂਸ਼ਹਿਰ / 10 ਜਨਵਰੀ
ਨਵਾਂਸ਼ਹਿਰ ਦੇ ਵਿਰਾਸਤੀ ਸਥਾਨ ਬਾਰਾਦਰੀ ਬਾਗ਼ ਦੀ ਕਾਇਆ ਕਲਪ ਕੀਤੀ ਜਾਵੇਗੀ। ਇਹ ਪ੍ਰਗਟਾਵਾ ਮੈਂਬਰ ਲੋਕ ਸਭਾ ਮਲਵਿੰਦਰ ਸਿੰਘ ਕੰਗ ਨੇ ਅੱਜ ਬਾਗ਼ ਵਿਚਲੀ ਲਾਇਬ੍ਰੇਰੀ ਦੇ ਨਵੀਨੀਕਰਨ ਦੇ ਕੰਮ ਦਾ ਨੀਂਹ ਪੱਥਰ ਰੱਖਣ ਮੌਕੇ ਕੀਤਾ। ਉਨ੍ਹਾਂ ਦੱਸਿਆ ਕਿ ਇਸ ਲਾਇਬ੍ਰੇਰੀ ਨੂੰ ਵਾਈ-ਫਾਈ, ਨਵੇਂ ਫਰਨੀਚਰ ਅਤੇ ਆਧੁਨਿਕ ਸਹੂਲਤਾਂ ਨਾਲ ਲੈਸ ਕੀਤਾ ਜਾਵੇਗਾ। ਉਨ੍ਹਾਂ ਕਿਹਾ ਕਿ ਆਪਣੇ ਵਿਚ ਕਰੀਬ 200 ਸਾਲ ਦਾ
ਇਤਿਹਾਸ ਸਮੋਈ ਬੈਠੇ ਇਸ ਇਤਿਹਾਸਕ ਬਾਗ਼ ਨੂੰ ਨਵੀਂ ਦਿੱਖ ਦਿੱਤੀ ਜਾਵੇਗੀ। ਉਨ੍ਹਾਂ ਕਿਹਾ ਕਿ ਇਸ ਕੰਮ ਲਈ ਐਮ.ਪੀ ਲੋਕਲ ਏਰੀਆ ਫੰਡ ਵਿਚੋਂ ਫੰਡ ਜਾਰੀ ਕੀਤਾ ਜਾ ਰਿਹਾ ਹੈ। ਉਨ੍ਹਾਂ ਕਿਹਾ ਕਿ ਬਾਗ਼ ਦੀ ਦਿੱਖ ਸੁਧਾਰਨ ਲਈ ਜਿੰਨੇ ਵੀ ਫੰਡ ਦੀ ਲੋੜ ਹੋਵੇਗੀ, ਉਹ ਮੁਹੱਈਆ ਕਰਵਾਇਆ ਜਾਵੇਗਾ। ਉਨ੍ਹਾਂ ਦੱਸਿਆ ਕਿ ਇਸ ਸ਼ਹਿਰ ਬਾਗ਼ ਵਿਚ ਮੌਜੂਦ ਇਮਾਰਤਾਂ, ਫਾਰਕ, ਸੈਰਗਾਹ, ਫੁਹਾਰਿਆਂ, ਬੱਚਿਆਂ ਦੇ ਝੂਲਿਆਂ ਆਦਿ ਨੂੰ ਨਵੀਂ ਦਿੱਖ ਦਿੱਤੀ ਜਾਵੇਗੀ। ਇਸੇ ਤਰ੍ਹਾਂ ਬਗੀਚੇ ਨੂੰ ਖੂਬਸੂਰਤ ਅਤੇ ਹੋਰ ਹਰਿਆ-ਭਰਿਆ	ਬਣਾਇਆ ਜਾਵੇਗਾ।ਉਨ੍ਹਾਂ ਕਿਹਾ ਕਿ ਸਿੱਖ ਮਿਸਲਾਂ ਅਤੇ ਮਹਾਰਾਜਾ ਰਣਜੀਤ ਸਿੰਘ ਦੇ ਰਾਜ ਕਾਲ ਦੇ ਗਵਾਹ ਇਸ ਬਾਰਾਦਰੀ ਬਾਗ਼ ਦਾ ਇਕ ਅਮੀਰ ਇਤਿਹਾਸ ਹੈ ਅਤੇ ਇਸ ਨੂੰ ਸ਼ਹਿਰ ਦੀ ਵਿਰਾਸਤ ਵਜੋਂ
ਸੰਭਾਲਿਆ ਜਾਵੇਗਾ। ਉਨ੍ਹਾਂ ਕਿਹਾ ਕਿ ਇਹ ਬਾਗ਼ ਸ਼ਹਿਰ ਦੇ ਕੇਂਦਰ ਵਿਚ ਵੱਡੀ ਇਕ ਏਕੜ ਵਿਚ ਫੈਲਿਆ ਹੋਇਆ ਹੈ ਅਤੇ ਇਹ ਖੂਬਸੂਰਤ ਜਗ੍ਹਾ ਜਿਥੇ ਲੋਕ ਆਪਣੇ ਨਾਲ ਬਜ਼ੁਰਗਾਂ ਅਤੇ ਔਰਤਾਂ ਲਈ ਬੈਠਣ ਅਤੇ ਸਵੇਰ ਅਤੇ ਸ਼ਾਮ
ਦੀ ਸੈਰ ਕਰਨ ਲਈ ਆਪਣੇ ਰੁਝੇਵਿਆਂ ਨੂੰ ਵਧਾਉਣ ਲਈ ਇਕ ਵਧੀਆ ਜਗ੍ਹਾ ਹੈ, ਉੱਥੇ ਬੱਚਿਆਂ ਦੇ ਖੇਡਣ ਲਈ ਵੀ ਇਹ ਇਕ ਢੁਕਵਾਂ ਸਥਾਨ ਹੈ। ਉਨ੍ਹਾਂ ਕਿਹਾ ਕਿ ਸ਼ਹਿਰ ਦੇ ਇਸ ਵਿਰਾਸਤੀ ਸਥਾਨ ਦੀ ਨਿਰੰਤਰ ਸਾਂਭ-ਸੰਭਾਲ ਅਤੇ ਸੈਰ-ਸਪਾਟੇ ਦੇ ਕੇਂਦਰ ਵਜੋਂ ਵਿਕਸਿਤ ਕਰਨ ਲਈ ਕੋਈ ਕਸਰ ਬਾਕੀ ਨਹੀਂ ਛੱਡੀ ਜਾਵੇਗੀ। ਉਨ੍ਹਾਂ ਕਿਹਾ ਕਿ ਡਿਪਟੀ ਕਮਿਸ਼ਨਰ ਰਾਜੇਸ਼ ਧੀਮਾਨ ਦੀ ਪਹਿਲਕਦਮੀ ਸਦਕਾ ਇਸ ਕੰਮ ਹੋਣ ਜਾ ਰਿਹਾ ਹੈ। ਇਸ ਮੌਕੇ ਐਮ ਐਲ ਏ ਬਲਾਚੌਰ ਸੰਤੋਸ਼ ਕਟਾਰੀਆ, ਐਮ ਐਲ ਏ ਬੰਗਾ ਡਾ. ਸੁਖਵਿੰਦਰ ਕੁਮਾਰ
ਸੁੱਖੀ, ਡਿਪਟੀ ਕਮਿਸ਼ਨਰ ਰਾਜੇਸ਼ ਧੀਮਾਨ, ਐਸ.ਐਸ.ਪੀ ਡਾ. ਮਹਿਤਾਬ ਸਿੰਘ, ਵਾਈਸ ਚੇਅਰਮੈਨ ਪੰਜਾਬ ਬੋਰਡ ਆਫ ਟੈਕਨੀਕਲ ਐਜੂਕੇਸ਼ਨ ਲਲਿਤ ਮੋਹਨ ਪਾਠਕ, ਚੇਅਰਮੈਨ ਜ਼ਿਲ੍ਹਾ ਯੋਜਨਾ ਕਮੇਟੀ ਸਤਨਾਮ ਜਲਾਲਪੁਰ, ਹਲਕਾ ਇੰਚਾਰਜ ਬੰਗਾ ਕੁਲਜੀਤ ਸਿੰਘ ਸਰਹਾਲ, ਚੇਅਰਮੈਨ ਮਾਰਕਿਟ ਕਮੇਟੀ ਗਗਨ ਅਗਨੀਹੋਤਰੀ, ਵਧੀਕ ਡਿਪਟੀ ਕਮਿਸ਼ਨਰ (ਜ) ਰਾਜੀਵ ਵਰਮਾ ਵਧੀਕ ਡਿਪਟੀ ਕਮਿਸ਼ਨਰ (ਪੇਂਡੂ ਵਿਕਾਸ) ਅਵਨੀਤ ਕੌਰ, ਉਪ ਮੰਡਲ ਮੈਜਿਸਟ੍ਰੇਟ ਨਵਾਂਸ਼ਹਿਰ ਡਾ.ਅਕਸ਼ਿਤਾ ਗੁਪਤਾ ਮੌਜੂਦ ਸਨ।
